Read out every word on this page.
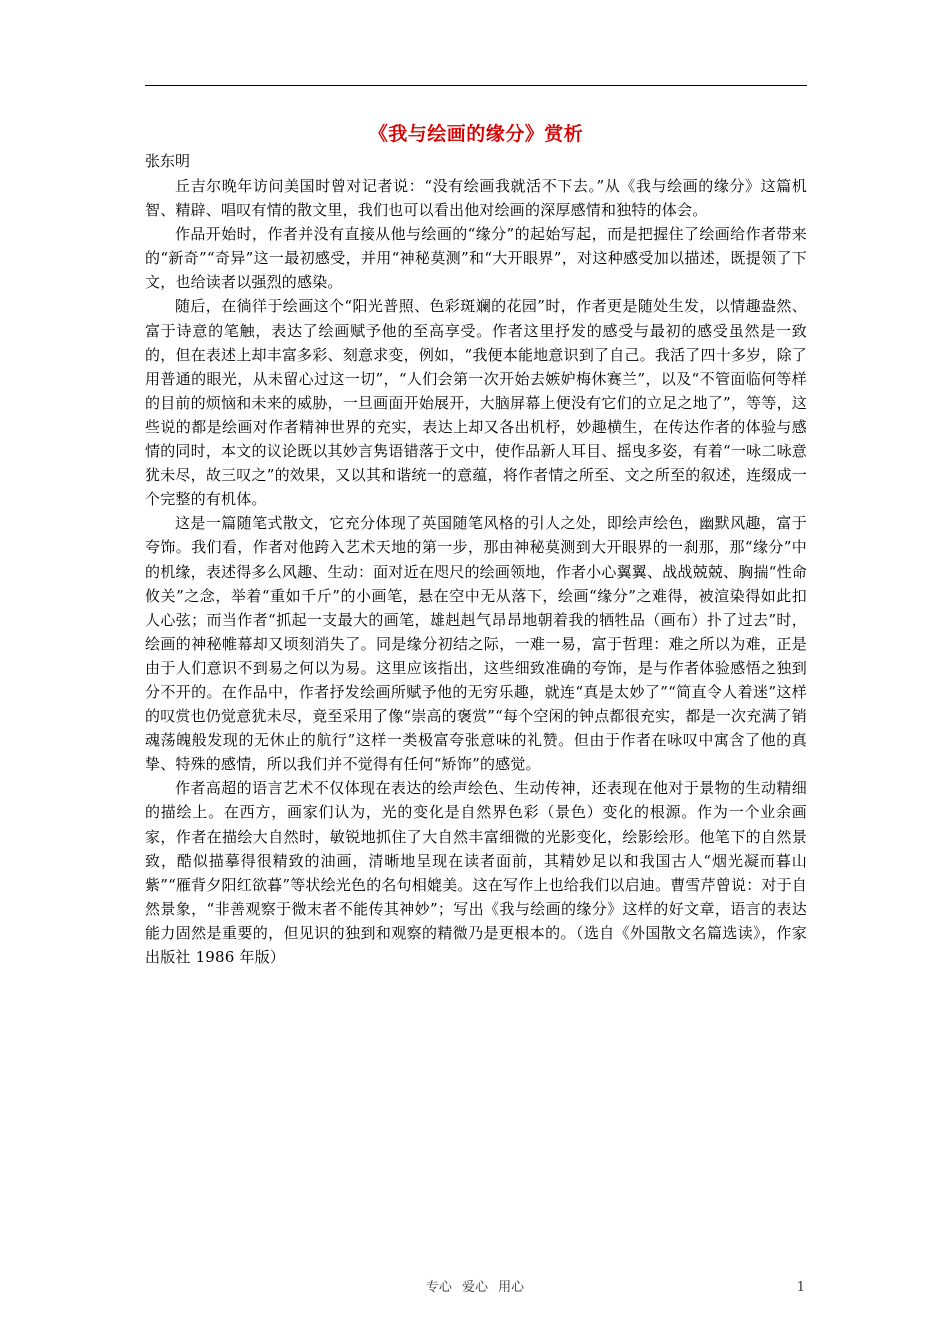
《我与绘画的缘分》赏析
张东明

丘吉尔晚年访问美国时曾对记者说：“没有绘画我就活不下去。”从《我与绘画的缘分》这篇机智、精辟、唱叹有情的散文里，我们也可以看出他对绘画的深厚感情和独特的体会。

作品开始时，作者并没有直接从他与绘画的“缘分”的起始写起，而是把握住了绘画给作者带来的“新奇”“奇异”这一最初感受，并用“神秘莫测”和“大开眼界”，对这种感受加以描述，既提领了下文，也给读者以强烈的感染。

随后，在徜徉于绘画这个“阳光普照、色彩斑斓的花园”时，作者更是随处生发，以情趣盎然、富于诗意的笔触，表达了绘画赋予他的至高享受。作者这里抒发的感受与最初的感受虽然是一致的，但在表述上却丰富多彩、刻意求变，例如，“我便本能地意识到了自己。我活了四十多岁，除了用普通的眼光，从未留心过这一切”，“人们会第一次开始去嫉妒梅休赛兰”，以及“不管面临何等样的目前的烦恼和未来的威胁，一旦画面开始展开，大脑屏幕上便没有它们的立足之地了”，等等，这些说的都是绘画对作者精神世界的充实，表达上却又各出机杼，妙趣横生，在传达作者的体验与感情的同时，本文的议论既以其妙言隽语错落于文中，使作品新人耳目、摇曳多姿，有着“一咏二咏意犹未尽，故三叹之”的效果，又以其和谐统一的意蕴，将作者情之所至、文之所至的叙述，连缀成一个完整的有机体。

这是一篇随笔式散文，它充分体现了英国随笔风格的引人之处，即绘声绘色，幽默风趣，富于夸饰。我们看，作者对他跨入艺术天地的第一步，那由神秘莫测到大开眼界的一刹那，那“缘分”中的机缘，表述得多么风趣、生动：面对近在咫尺的绘画领地，作者小心翼翼、战战兢兢、胸揣“性命攸关”之念，举着“重如千斤”的小画笔，悬在空中无从落下，绘画“缘分”之难得，被渲染得如此扣人心弦；而当作者“抓起一支最大的画笔，雄赳赳气昂昂地朝着我的牺牲品（画布）扑了过去”时，绘画的神秘帷幕却又顷刻消失了。同是缘分初结之际，一难一易，富于哲理：难之所以为难，正是由于人们意识不到易之何以为易。这里应该指出，这些细致准确的夸饰，是与作者体验感悟之独到分不开的。在作品中，作者抒发绘画所赋予他的无穷乐趣，就连“真是太妙了”“简直令人着迷”这样的叹赏也仍觉意犹未尽，竟至采用了像“崇高的褒赏”“每个空闲的钟点都很充实，都是一次充满了销魂荡魄般发现的无休止的航行”这样一类极富夸张意味的礼赞。但由于作者在咏叹中寓含了他的真挚、特殊的感情，所以我们并不觉得有任何“矫饰”的感觉。

作者高超的语言艺术不仅体现在表达的绘声绘色、生动传神，还表现在他对于景物的生动精细的描绘上。在西方，画家们认为，光的变化是自然界色彩（景色）变化的根源。作为一个业余画家，作者在描绘大自然时，敏锐地抓住了大自然丰富细微的光影变化，绘影绘形。他笔下的自然景致，酷似描摹得很精致的油画，清晰地呈现在读者面前，其精妙足以和我国古人“烟光凝而暮山紫”“雁背夕阳红欲暮”等状绘光色的名句相媲美。这在写作上也给我们以启迪。曹雪芹曾说：对于自然景象，“非善观察于微末者不能传其神妙”；写出《我与绘画的缘分》这样的好文章，语言的表达能力固然是重要的，但见识的独到和观察的精微乃是更根本的。（选自《外国散文名篇选读》，作家出版社 1986 年版）

专心 爱心 用心	1
